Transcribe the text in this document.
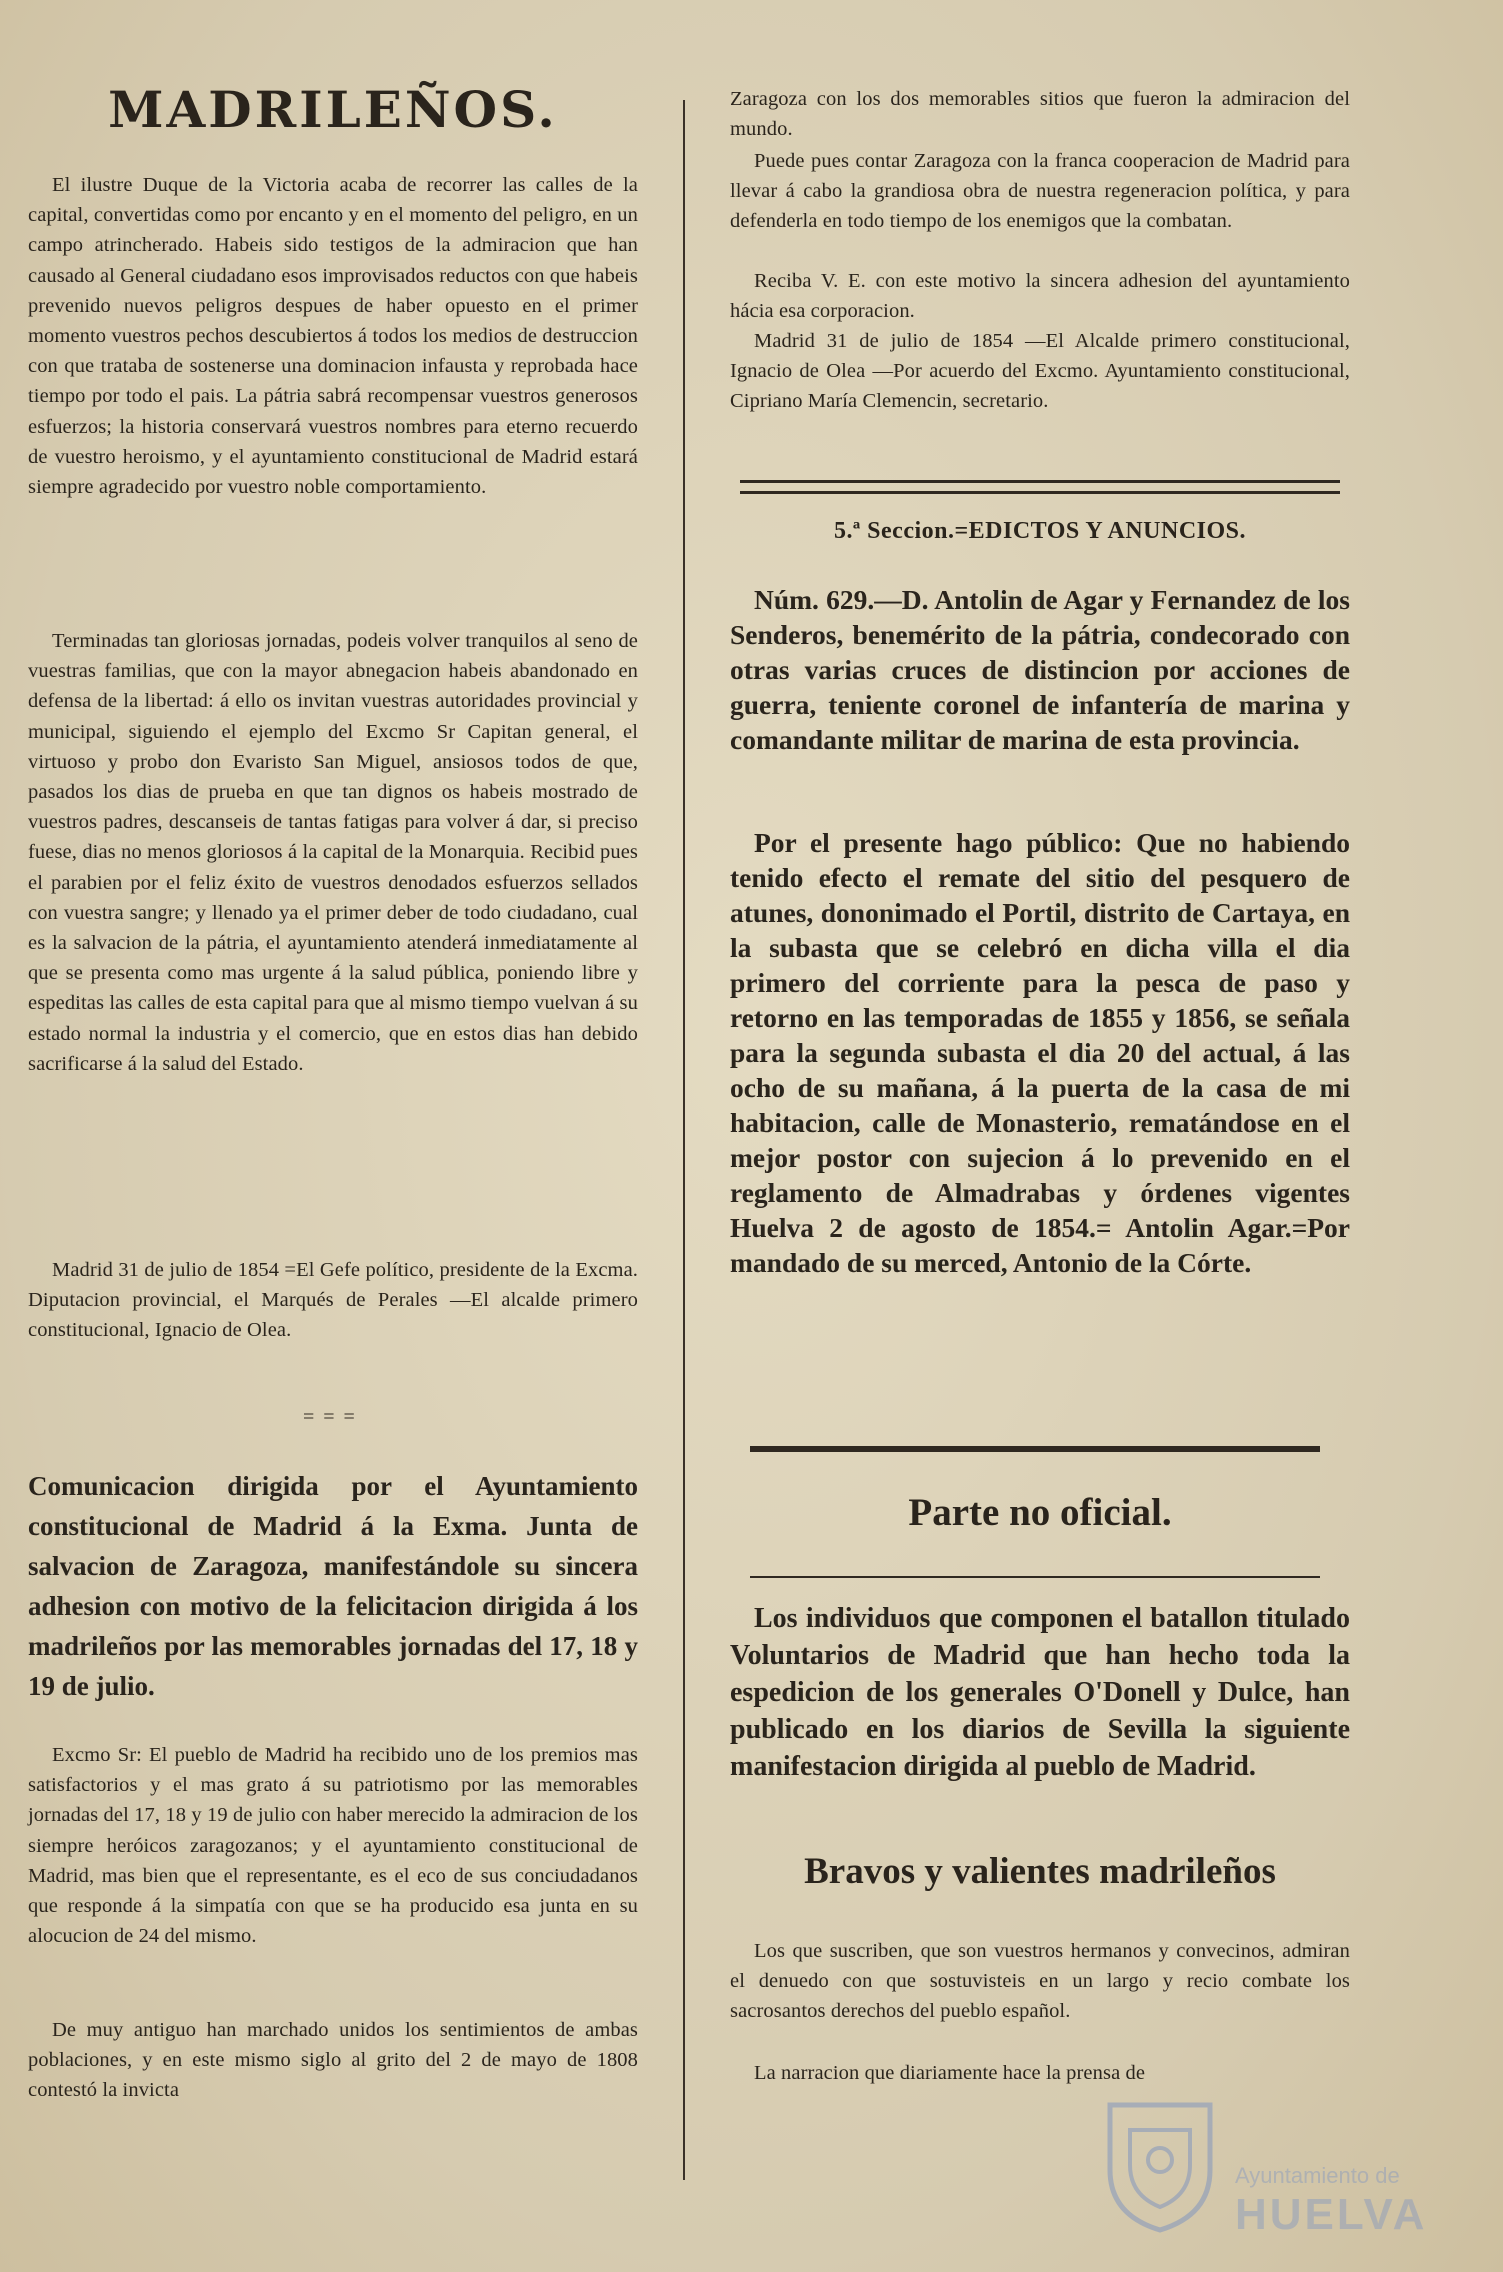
MADRILEÑOS.

El ilustre Duque de la Victoria acaba de recorrer las calles de la capital, convertidas como por encanto y en el momento del peligro, en un campo atrincherado. Habeis sido testigos de la admiracion que han causado al General ciudadano esos improvisados reductos con que habeis prevenido nuevos peligros despues de haber opuesto en el primer momento vuestros pechos descubiertos á todos los medios de destruccion con que trataba de sostenerse una dominacion infausta y reprobada hace tiempo por todo el pais. La pátria sabrá recompensar vuestros generosos esfuerzos; la historia conservará vuestros nombres para eterno recuerdo de vuestro heroismo, y el ayuntamiento constitucional de Madrid estará siempre agradecido por vuestro noble comportamiento.

Terminadas tan gloriosas jornadas, podeis volver tranquilos al seno de vuestras familias, que con la mayor abnegacion habeis abandonado en defensa de la libertad: á ello os invitan vuestras autoridades provincial y municipal, siguiendo el ejemplo del Excmo Sr Capitan general, el virtuoso y probo don Evaristo San Miguel, ansiosos todos de que, pasados los dias de prueba en que tan dignos os habeis mostrado de vuestros padres, descanseis de tantas fatigas para volver á dar, si preciso fuese, dias no menos gloriosos á la capital de la Monarquia. Recibid pues el parabien por el feliz éxito de vuestros denodados esfuerzos sellados con vuestra sangre; y llenado ya el primer deber de todo ciudadano, cual es la salvacion de la pátria, el ayuntamiento atenderá inmediatamente al que se presenta como mas urgente á la salud pública, poniendo libre y espeditas las calles de esta capital para que al mismo tiempo vuelvan á su estado normal la industria y el comercio, que en estos dias han debido sacrificarse á la salud del Estado.

Madrid 31 de julio de 1854 =El Gefe político, presidente de la Excma. Diputacion provincial, el Marqués de Perales —El alcalde primero constitucional, Ignacio de Olea.

= = =

Comunicacion dirigida por el Ayuntamiento constitucional de Madrid á la Exma. Junta de salvacion de Zaragoza, manifestándole su sincera adhesion con motivo de la felicitacion dirigida á los madrileños por las memorables jornadas del 17, 18 y 19 de julio.

Excmo Sr: El pueblo de Madrid ha recibido uno de los premios mas satisfactorios y el mas grato á su patriotismo por las memorables jornadas del 17, 18 y 19 de julio con haber merecido la admiracion de los siempre heróicos zaragozanos; y el ayuntamiento constitucional de Madrid, mas bien que el representante, es el eco de sus conciudadanos que responde á la simpatía con que se ha producido esa junta en su alocucion de 24 del mismo.

De muy antiguo han marchado unidos los sentimientos de ambas poblaciones, y en este mismo siglo al grito del 2 de mayo de 1808 contestó la invicta

Zaragoza con los dos memorables sitios que fueron la admiracion del mundo.

Puede pues contar Zaragoza con la franca cooperacion de Madrid para llevar á cabo la grandiosa obra de nuestra regeneracion política, y para defenderla en todo tiempo de los enemigos que la combatan.

Reciba V. E. con este motivo la sincera adhesion del ayuntamiento hácia esa corporacion.

Madrid 31 de julio de 1854 —El Alcalde primero constitucional, Ignacio de Olea —Por acuerdo del Excmo. Ayuntamiento constitucional, Cipriano María Clemencin, secretario.

5.ª Seccion.=EDICTOS Y ANUNCIOS.

Núm. 629.—D. Antolin de Agar y Fernandez de los Senderos, benemérito de la pátria, condecorado con otras varias cruces de distincion por acciones de guerra, teniente coronel de infantería de marina y comandante militar de marina de esta provincia.

Por el presente hago público: Que no habiendo tenido efecto el remate del sitio del pesquero de atunes, dononimado el Portil, distrito de Cartaya, en la subasta que se celebró en dicha villa el dia primero del corriente para la pesca de paso y retorno en las temporadas de 1855 y 1856, se señala para la segunda subasta el dia 20 del actual, á las ocho de su mañana, á la puerta de la casa de mi habitacion, calle de Monasterio, rematándose en el mejor postor con sujecion á lo prevenido en el reglamento de Almadrabas y órdenes vigentes Huelva 2 de agosto de 1854.= Antolin Agar.=Por mandado de su merced, Antonio de la Córte.

Parte no oficial.

Los individuos que componen el batallon titulado Voluntarios de Madrid que han hecho toda la espedicion de los generales O'Donell y Dulce, han publicado en los diarios de Sevilla la siguiente manifestacion dirigida al pueblo de Madrid.

Bravos y valientes madrileños

Los que suscriben, que son vuestros hermanos y convecinos, admiran el denuedo con que sostuvisteis en un largo y recio combate los sacrosantos derechos del pueblo español.

La narracion que diariamente hace la prensa de

Ayuntamiento de
HUELVA
